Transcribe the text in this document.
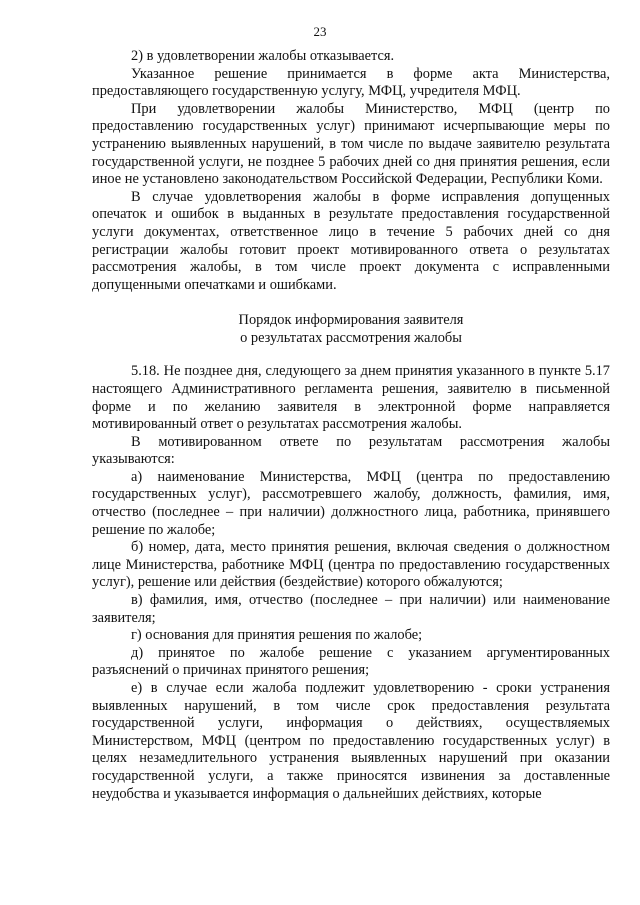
23

2) в удовлетворении жалобы отказывается.

Указанное решение принимается в форме акта Министерства, предоставляющего государственную услугу, МФЦ, учредителя МФЦ.

При удовлетворении жалобы Министерство, МФЦ (центр по предоставлению государственных услуг) принимают исчерпывающие меры по устранению выявленных нарушений, в том числе по выдаче заявителю результата государственной услуги, не позднее 5 рабочих дней со дня принятия решения, если иное не установлено законодательством Российской Федерации, Республики Коми.

В случае удовлетворения жалобы в форме исправления допущенных опечаток и ошибок в выданных в результате предоставления государственной услуги документах, ответственное лицо в течение 5 рабочих дней со дня регистрации жалобы готовит проект мотивированного ответа о результатах рассмотрения жалобы, в том числе проект документа с исправленными допущенными опечатками и ошибками.

Порядок информирования заявителя
о результатах рассмотрения жалобы

5.18. Не позднее дня, следующего за днем принятия указанного в пункте 5.17 настоящего Административного регламента решения, заявителю в письменной форме и по желанию заявителя в электронной форме направляется мотивированный ответ о результатах рассмотрения жалобы.

В мотивированном ответе по результатам рассмотрения жалобы указываются:

а) наименование Министерства, МФЦ (центра по предоставлению государственных услуг), рассмотревшего жалобу, должность, фамилия, имя, отчество (последнее – при наличии) должностного лица, работника, принявшего решение по жалобе;

б) номер, дата, место принятия решения, включая сведения о должностном лице Министерства, работнике МФЦ (центра по предоставлению государственных услуг), решение или действия (бездействие) которого обжалуются;

в) фамилия, имя, отчество (последнее – при наличии) или наименование заявителя;

г) основания для принятия решения по жалобе;

д) принятое по жалобе решение с указанием аргументированных разъяснений о причинах принятого решения;

е) в случае если жалоба подлежит удовлетворению - сроки устранения выявленных нарушений, в том числе срок предоставления результата государственной услуги, информация о действиях, осуществляемых Министерством, МФЦ (центром по предоставлению государственных услуг) в целях незамедлительного устранения выявленных нарушений при оказании государственной услуги, а также приносятся извинения за доставленные неудобства и указывается информация о дальнейших действиях, которые
